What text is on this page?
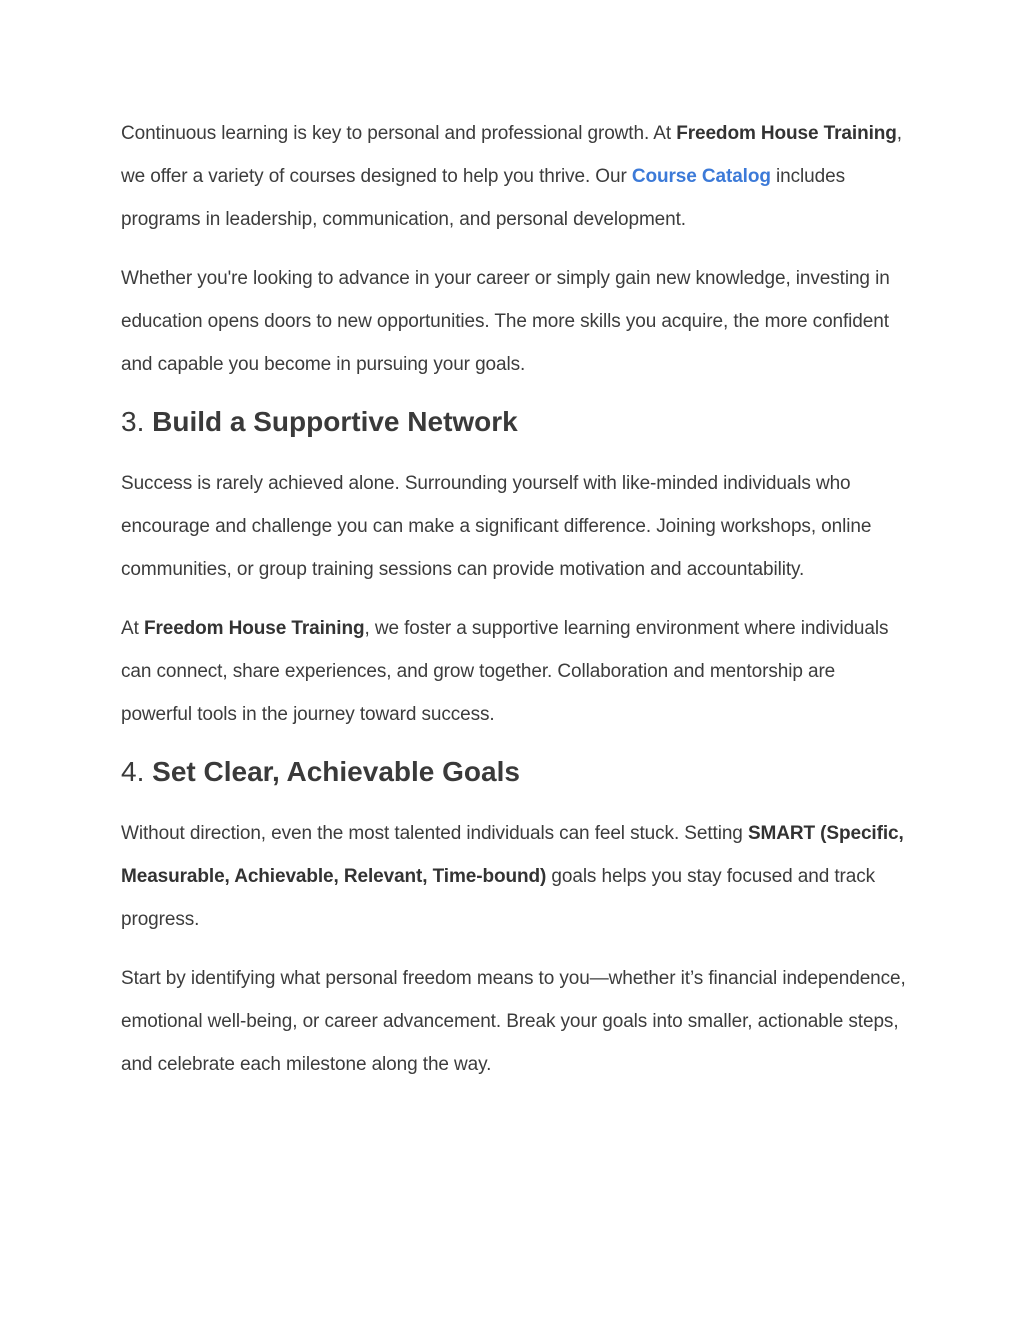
Continuous learning is key to personal and professional growth. At Freedom House Training, we offer a variety of courses designed to help you thrive. Our Course Catalog includes programs in leadership, communication, and personal development.

Whether you're looking to advance in your career or simply gain new knowledge, investing in education opens doors to new opportunities. The more skills you acquire, the more confident and capable you become in pursuing your goals.

3. Build a Supportive Network

Success is rarely achieved alone. Surrounding yourself with like-minded individuals who encourage and challenge you can make a significant difference. Joining workshops, online communities, or group training sessions can provide motivation and accountability.

At Freedom House Training, we foster a supportive learning environment where individuals can connect, share experiences, and grow together. Collaboration and mentorship are powerful tools in the journey toward success.

4. Set Clear, Achievable Goals

Without direction, even the most talented individuals can feel stuck. Setting SMART (Specific, Measurable, Achievable, Relevant, Time-bound) goals helps you stay focused and track progress.

Start by identifying what personal freedom means to you—whether it’s financial independence, emotional well-being, or career advancement. Break your goals into smaller, actionable steps, and celebrate each milestone along the way.
